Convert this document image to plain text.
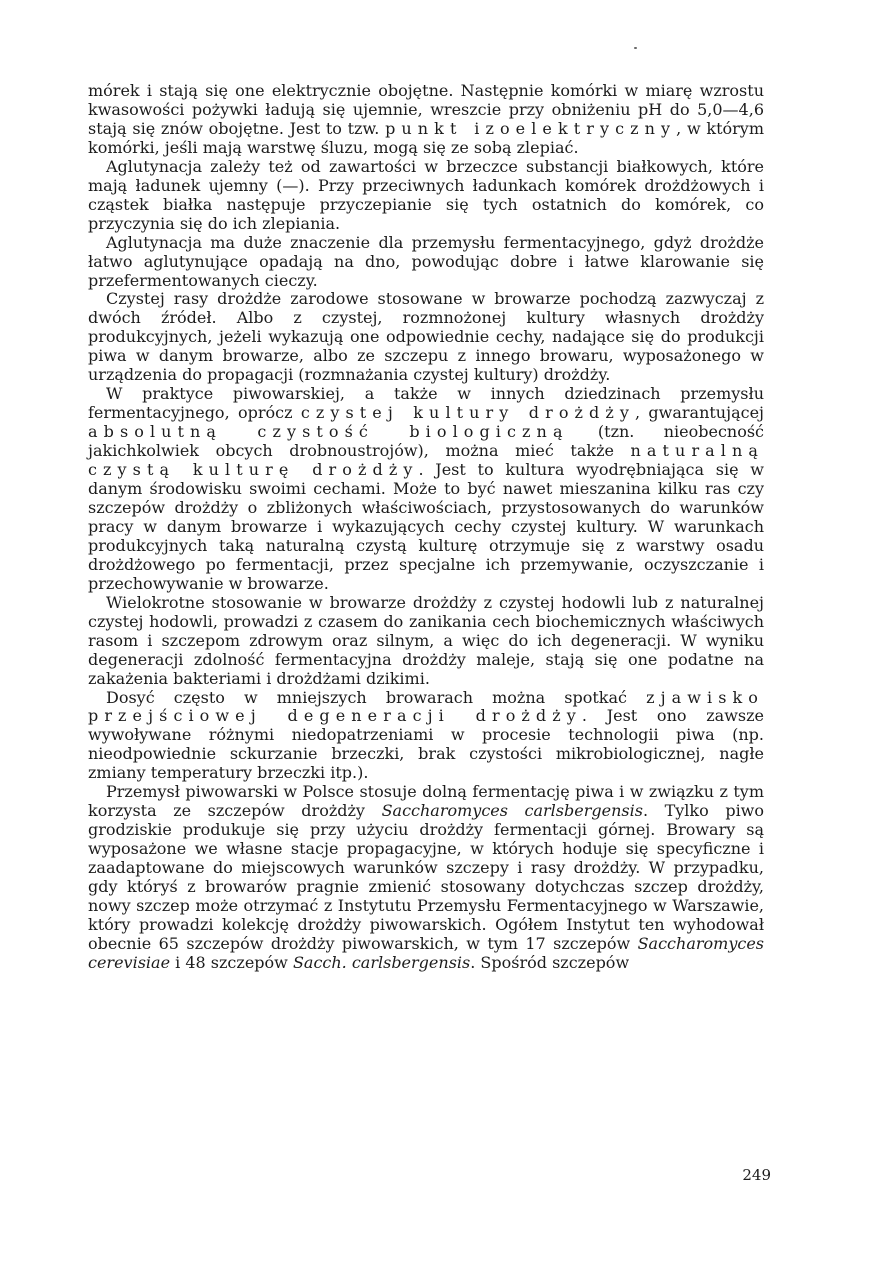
mórek i stają się one elektrycznie obojętne. Następnie komórki w miarę wzrostu kwasowości pożywki ładują się ujemnie, wreszcie przy obniżeniu pH do 5,0—4,6 stają się znów obojętne. Jest to tzw. punkt izoelektryczny, w którym komórki, jeśli mają warstwę śluzu, mogą się ze sobą zlepiać.

Aglutynacja zależy też od zawartości w brzeczce substancji białkowych, które mają ładunek ujemny (—). Przy przeciwnych ładunkach komórek drożdżowych i cząstek białka następuje przyczepianie się tych ostatnich do komórek, co przyczynia się do ich zlepiania.

Aglutynacja ma duże znaczenie dla przemysłu fermentacyjnego, gdyż drożdże łatwo aglutynujące opadają na dno, powodując dobre i łatwe klarowanie się przefermentowanych cieczy.

Czystej rasy drożdże zarodowe stosowane w browarze pochodzą zazwyczaj z dwóch źródeł. Albo z czystej, rozmnożonej kultury własnych drożdży produkcyjnych, jeżeli wykazują one odpowiednie cechy, nadające się do produkcji piwa w danym browarze, albo ze szczepu z innego browaru, wyposażonego w urządzenia do propagacji (rozmnażania czystej kultury) drożdży.

W praktyce piwowarskiej, a także w innych dziedzinach przemysłu fermentacyjnego, oprócz czystej kultury drożdży, gwarantującej absolutną czystość biologiczną (tzn. nieobecność jakichkolwiek obcych drobnoustrojów), można mieć także naturalną czystą kulturę drożdży. Jest to kultura wyodrębniająca się w danym środowisku swoimi cechami. Może to być nawet mieszanina kilku ras czy szczepów drożdży o zbliżonych właściwościach, przystosowanych do warunków pracy w danym browarze i wykazujących cechy czystej kultury. W warunkach produkcyjnych taką naturalną czystą kulturę otrzymuje się z warstwy osadu drożdżowego po fermentacji, przez specjalne ich przemywanie, oczyszczanie i przechowywanie w browarze.

Wielokrotne stosowanie w browarze drożdży z czystej hodowli lub z naturalnej czystej hodowli, prowadzi z czasem do zanikania cech biochemicznych właściwych rasom i szczepom zdrowym oraz silnym, a więc do ich degeneracji. W wyniku degeneracji zdolność fermentacyjna drożdży maleje, stają się one podatne na zakażenia bakteriami i drożdżami dzikimi.

Dosyć często w mniejszych browarach można spotkać zjawisko przejściowej degeneracji drożdży. Jest ono zawsze wywoływane różnymi niedopatrzeniami w procesie technologii piwa (np. nieodpowiednie sckurzanie brzeczki, brak czystości mikrobiologicznej, nagłe zmiany temperatury brzeczki itp.).

Przemysł piwowarski w Polsce stosuje dolną fermentację piwa i w związku z tym korzysta ze szczepów drożdży Saccharomyces carlsbergensis. Tylko piwo grodziskie produkuje się przy użyciu drożdży fermentacji górnej. Browary są wyposażone we własne stacje propagacyjne, w których hoduje się specyficzne i zaadaptowane do miejscowych warunków szczepy i rasy drożdży. W przypadku, gdy któryś z browarów pragnie zmienić stosowany dotychczas szczep drożdży, nowy szczep może otrzymać z Instytutu Przemysłu Fermentacyjnego w Warszawie, który prowadzi kolekcję drożdży piwowarskich. Ogółem Instytut ten wyhodował obecnie 65 szczepów drożdży piwowarskich, w tym 17 szczepów Saccharomyces cerevisiae i 48 szczepów Sacch. carlsbergensis. Spośród szczepów

249
